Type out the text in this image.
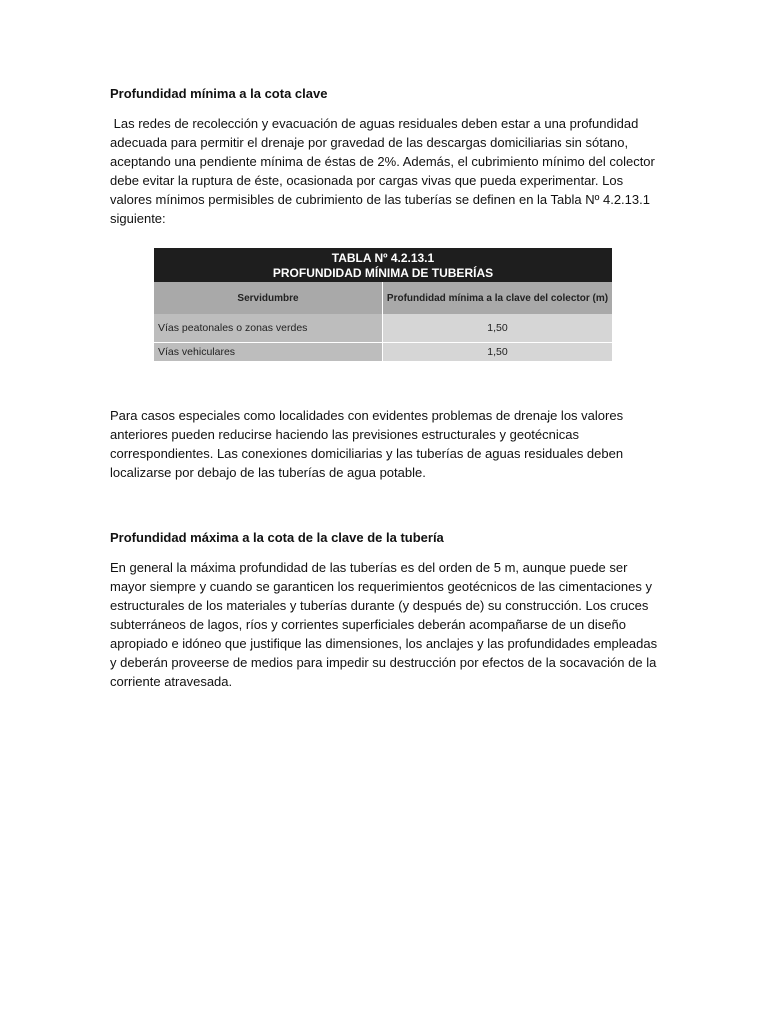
Profundidad mínima a la cota clave

Las redes de recolección y evacuación de aguas residuales deben estar a una profundidad adecuada para permitir el drenaje por gravedad de las descargas domiciliarias sin sótano, aceptando una pendiente mínima de éstas de 2%. Además, el cubrimiento mínimo del colector debe evitar la ruptura de éste, ocasionada por cargas vivas que pueda experimentar. Los valores mínimos permisibles de cubrimiento de las tuberías se definen en la Tabla Nº 4.2.13.1 siguiente:

Para casos especiales como localidades con evidentes problemas de drenaje los valores anteriores pueden reducirse haciendo las previsiones estructurales y geotécnicas correspondientes. Las conexiones domiciliarias y las tuberías de aguas residuales deben localizarse por debajo de las tuberías de agua potable.

Profundidad máxima a la cota de la clave de la tubería

En general la máxima profundidad de las tuberías es del orden de 5 m, aunque puede ser mayor siempre y cuando se garanticen los requerimientos geotécnicos de las cimentaciones y estructurales de los materiales y tuberías durante (y después de) su construcción. Los cruces subterráneos de lagos, ríos y corrientes superficiales deberán acompañarse de un diseño apropiado e idóneo que justifique las dimensiones, los anclajes y las profundidades empleadas y deberán proveerse de medios para impedir su destrucción por efectos de la socavación de la corriente atravesada.

TABLA Nº 4.2.13.1
PROFUNDIDAD MÍNIMA DE TUBERÍAS
Servidumbre	Profundidad mínima a la clave del colector (m)
Vías peatonales o zonas verdes	1,50
Vías vehiculares	1,50
